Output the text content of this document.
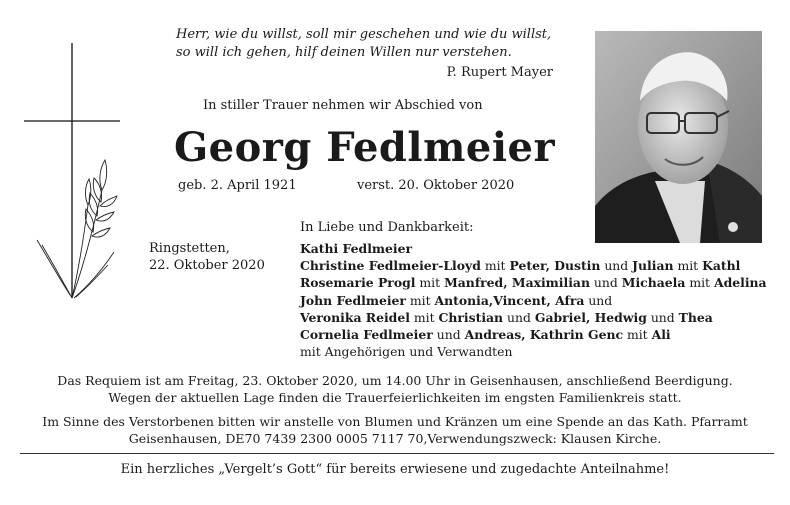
Herr, wie du willst, soll mir geschehen und wie du willst,
so will ich gehen, hilf deinen Willen nur verstehen.
P. Rupert Mayer
In stiller Trauer nehmen wir Abschied von
Georg Fedlmeier
geb. 2. April 1921	verst. 20. Oktober 2020
In Liebe und Dankbarkeit:
Ringstetten,
22. Oktober 2020
Kathi Fedlmeier
Christine Fedlmeier-Lloyd mit Peter, Dustin und Julian mit Kathl
Rosemarie Progl mit Manfred, Maximilian und Michaela mit Adelina
John Fedlmeier mit Antonia,Vincent, Afra und
Veronika Reidel mit Christian und Gabriel, Hedwig und Thea
Cornelia Fedlmeier und Andreas, Kathrin Genc mit Ali
mit Angehörigen und Verwandten
Das Requiem ist am Freitag, 23. Oktober 2020, um 14.00 Uhr in Geisenhausen, anschließend Beerdigung.
Wegen der aktuellen Lage finden die Trauerfeierlichkeiten im engsten Familienkreis statt.
Im Sinne des Verstorbenen bitten wir anstelle von Blumen und Kränzen um eine Spende an das Kath. Pfarramt
Geisenhausen, DE70 7439 2300 0005 7117 70,Verwendungszweck: Klausen Kirche.
Ein herzliches „Vergelt’s Gott“ für bereits erwiesene und zugedachte Anteilnahme!
